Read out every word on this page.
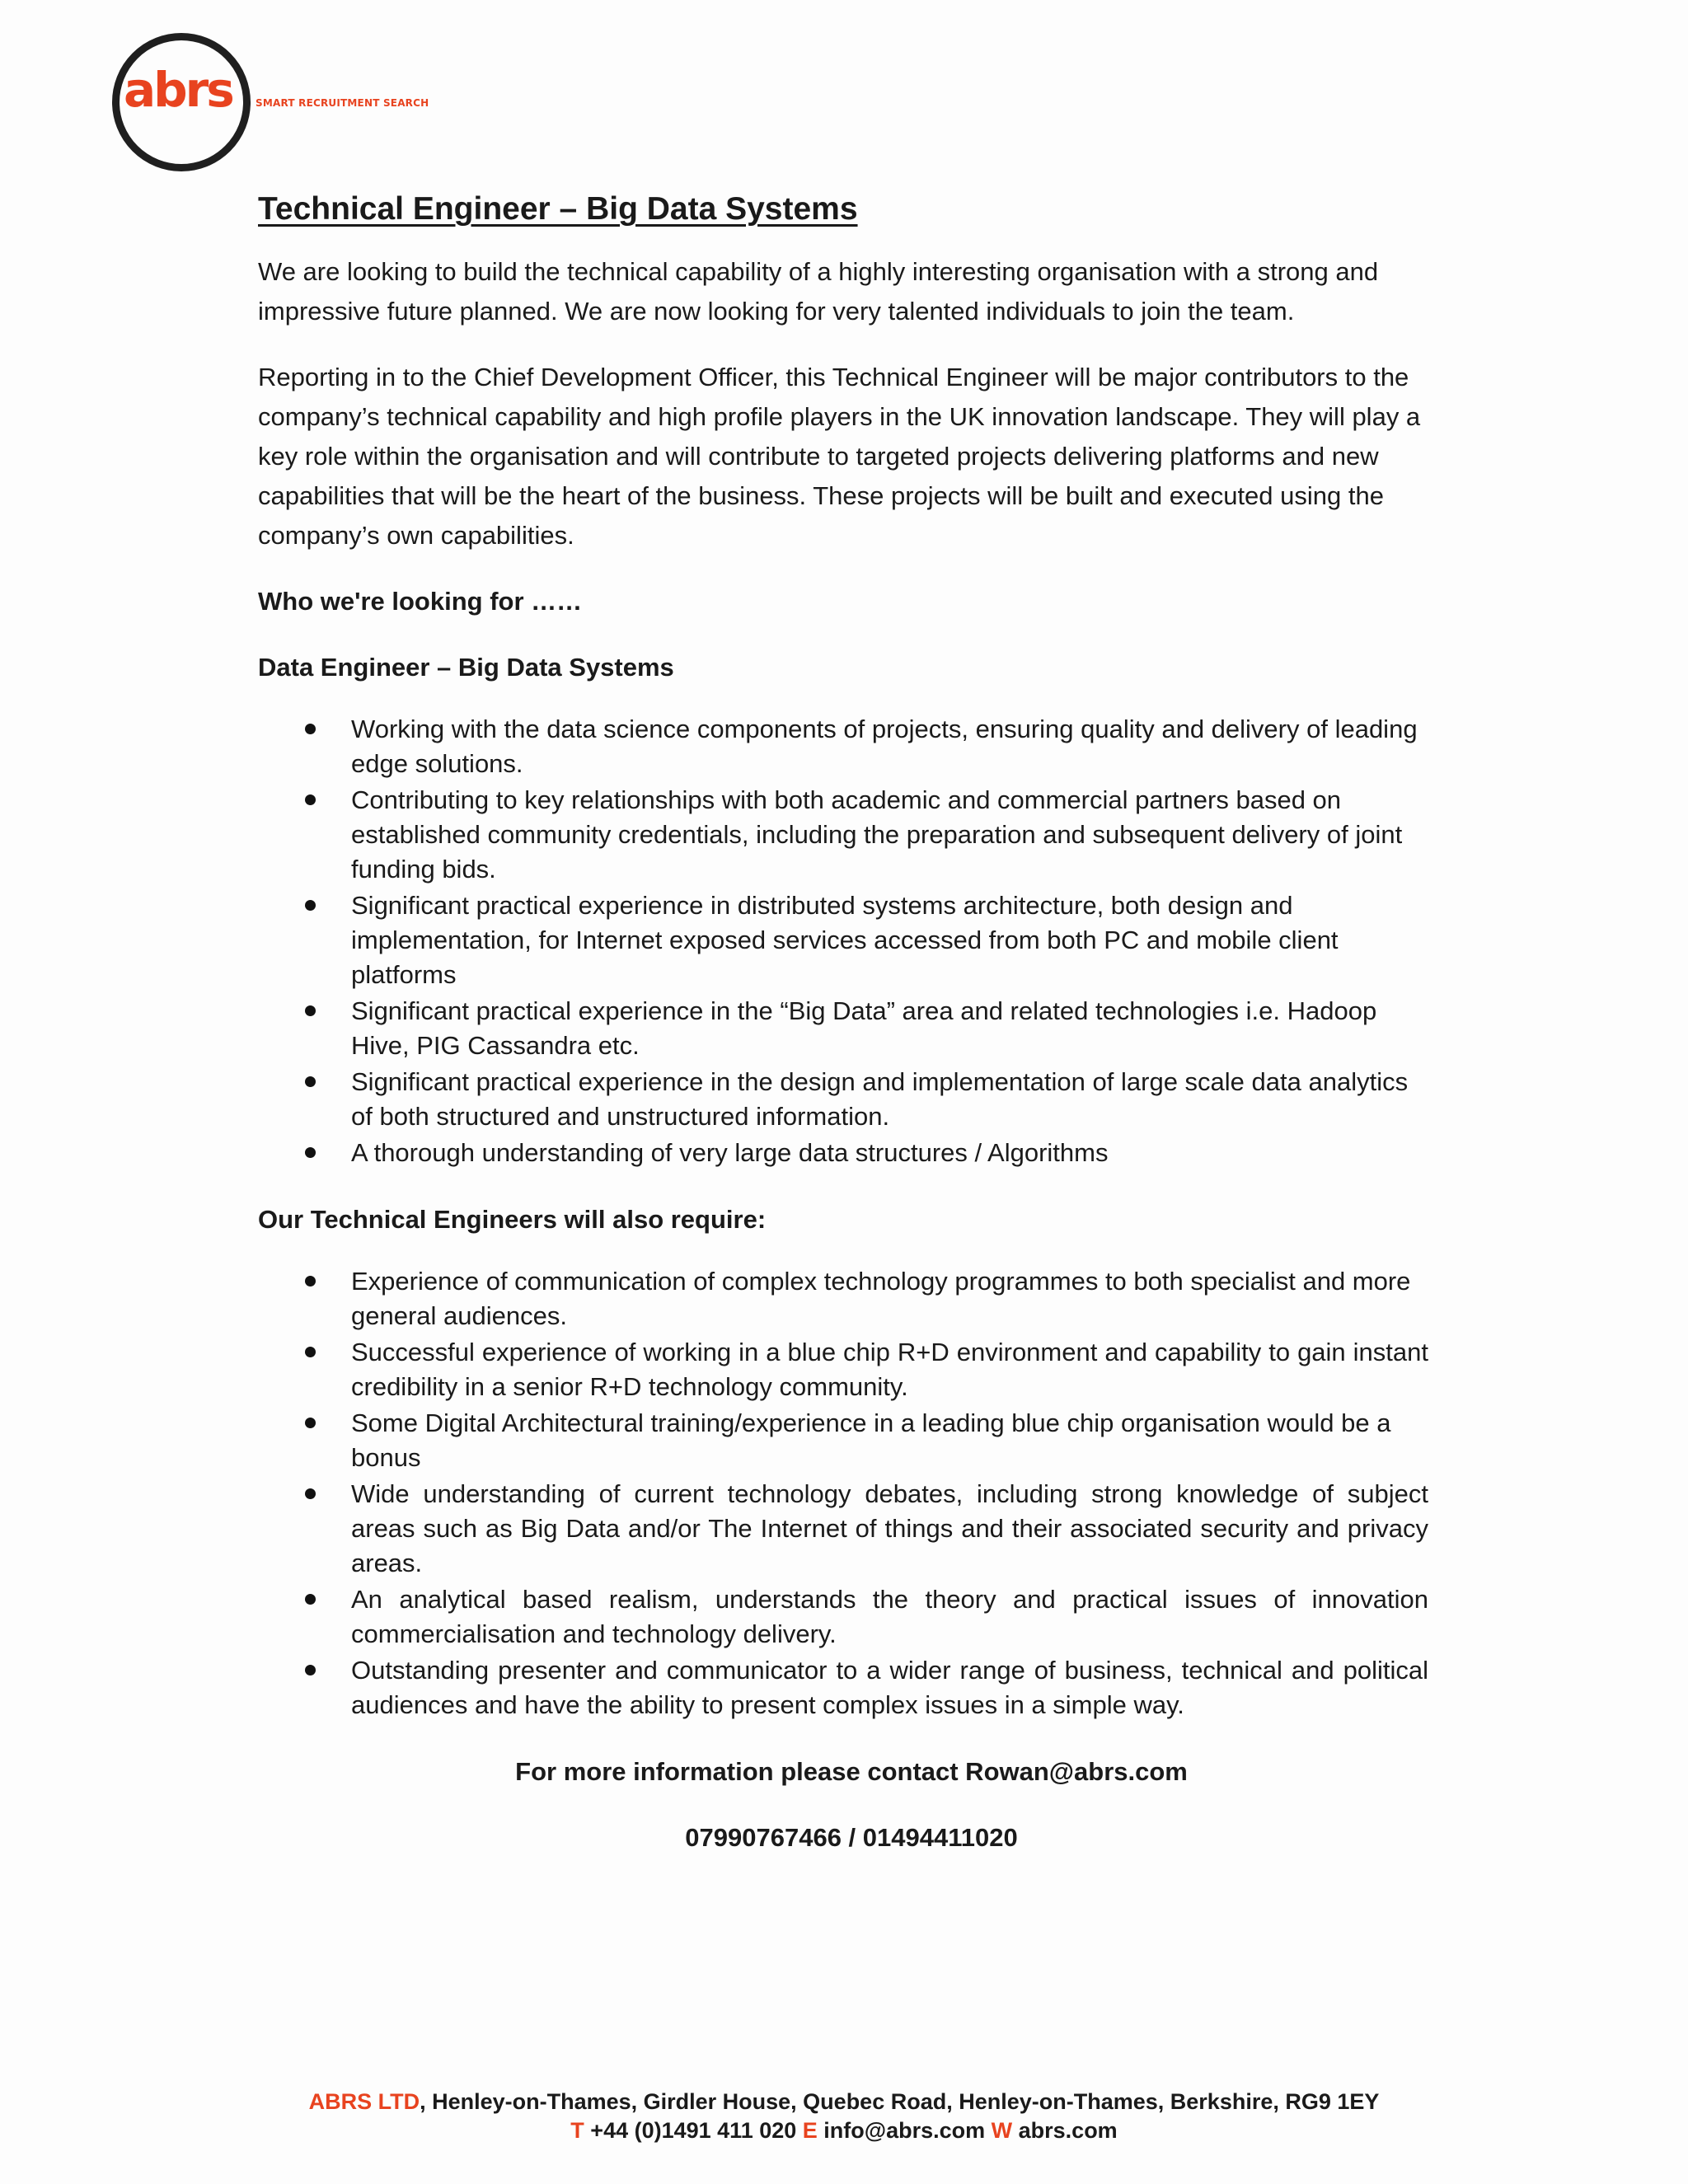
abrs SMART RECRUITMENT SEARCH
Technical Engineer – Big Data Systems

We are looking to build the technical capability of a highly interesting organisation with a strong and impressive future planned. We are now looking for very talented individuals to join the team.

Reporting in to the Chief Development Officer, this Technical Engineer will be major contributors to the company’s technical capability and high profile players in the UK innovation landscape. They will play a key role within the organisation and will contribute to targeted projects delivering platforms and new capabilities that will be the heart of the business. These projects will be built and executed using the company’s own capabilities.

Who we're looking for ……
Data Engineer – Big Data Systems
Working with the data science components of projects, ensuring quality and delivery of leading edge solutions.
Contributing to key relationships with both academic and commercial partners based on established community credentials, including the preparation and subsequent delivery of joint funding bids.
Significant practical experience in distributed systems architecture, both design and implementation, for Internet exposed services accessed from both PC and mobile client platforms
Significant practical experience in the “Big Data” area and related technologies i.e. Hadoop Hive, PIG Cassandra etc.
Significant practical experience in the design and implementation of large scale data analytics of both structured and unstructured information.
A thorough understanding of very large data structures / Algorithms
Our Technical Engineers will also require:
Experience of communication of complex technology programmes to both specialist and more general audiences.
Successful experience of working in a blue chip R+D environment and capability to gain instant credibility in a senior R+D technology community.
Some Digital Architectural training/experience in a leading blue chip organisation would be a bonus
Wide understanding of current technology debates, including strong knowledge of subject areas such as Big Data and/or The Internet of things and their associated security and privacy areas.
An analytical based realism, understands the theory and practical issues of innovation commercialisation and technology delivery.
Outstanding presenter and communicator to a wider range of business, technical and political audiences and have the ability to present complex issues in a simple way.
For more information please contact Rowan@abrs.com
07990767466 / 01494411020
ABRS LTD, Henley-on-Thames, Girdler House, Quebec Road, Henley-on-Thames, Berkshire, RG9 1EY
T +44 (0)1491 411 020 E info@abrs.com W abrs.com
